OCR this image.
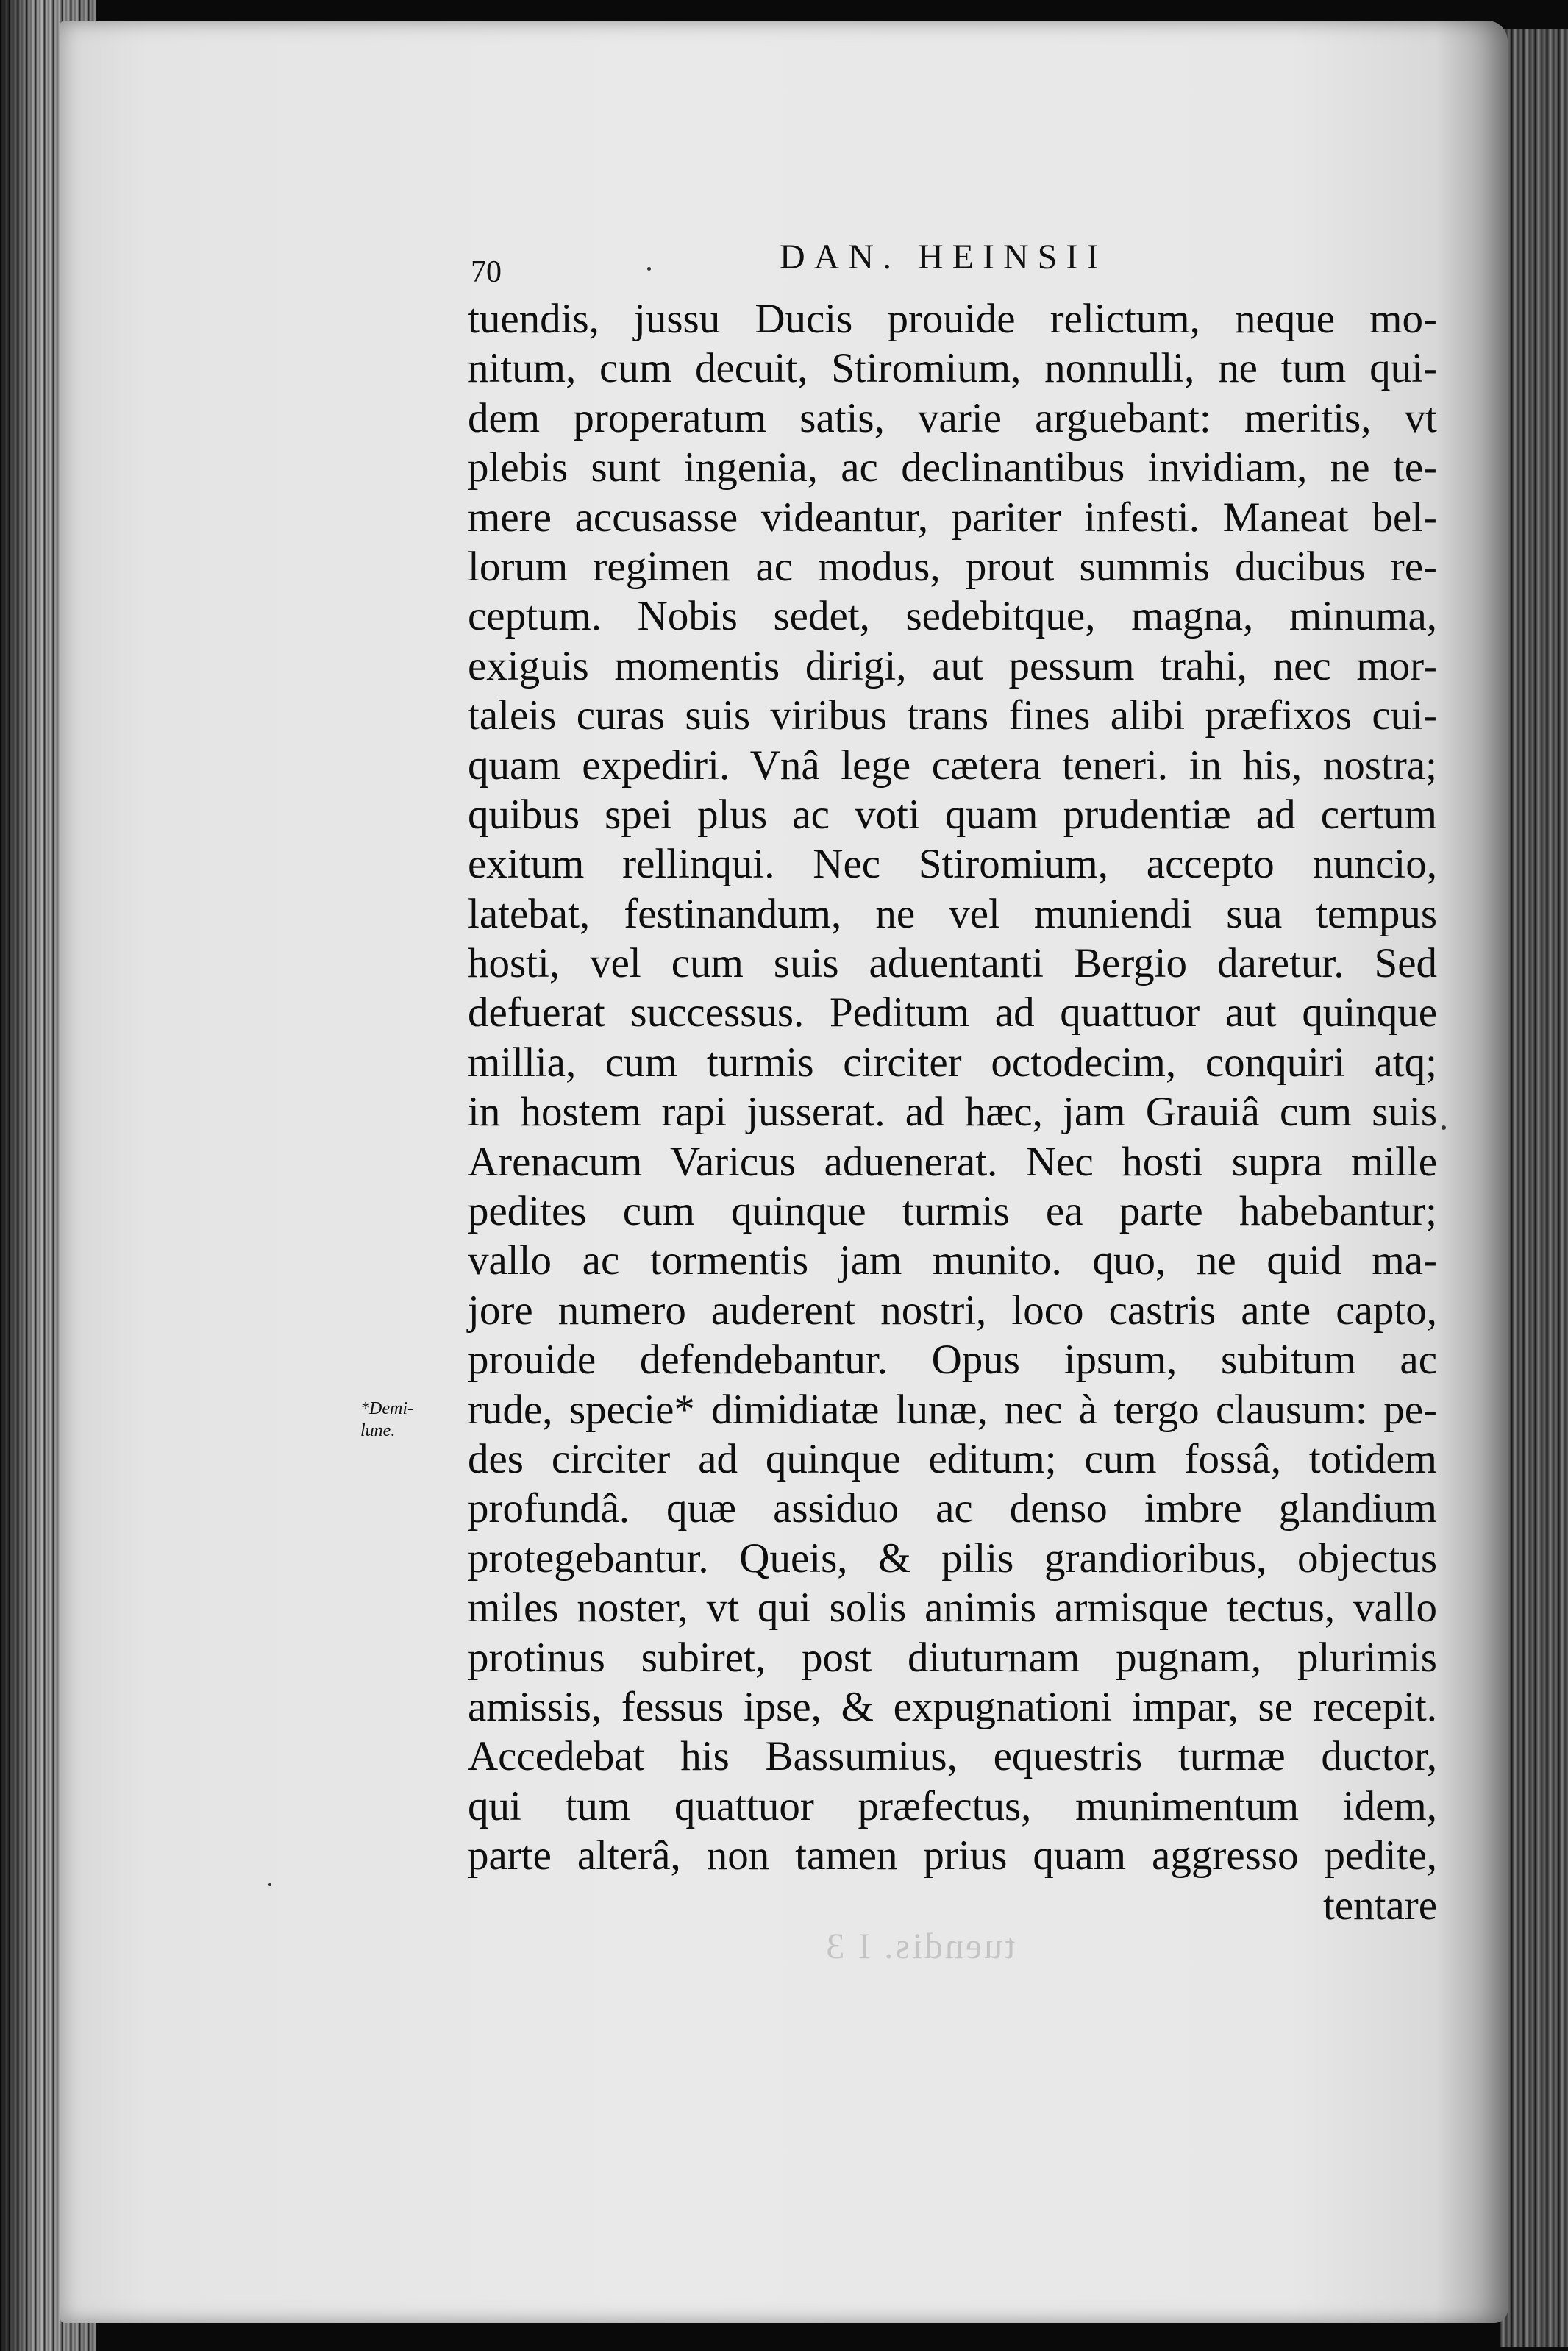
70	DAN. HEINSII
*Demi- lune.
tuendis, jussu Ducis prouide relictum, neque mo-
nitum, cum decuit, Stiromium, nonnulli, ne tum qui-
dem properatum satis, varie arguebant: meritis, vt
plebis sunt ingenia, ac declinantibus invidiam, ne te-
mere accusasse videantur, pariter infesti. Maneat bel-
lorum regimen ac modus, prout summis ducibus re-
ceptum. Nobis sedet, sedebitque, magna, minuma,
exiguis momentis dirigi, aut pessum trahi, nec mor-
taleis curas suis viribus trans fines alibi præfixos cui-
quam expediri. Vnâ lege cætera teneri. in his, nostra;
quibus spei plus ac voti quam prudentiæ ad certum
exitum rellinqui. Nec Stiromium, accepto nuncio,
latebat, festinandum, ne vel muniendi sua tempus
hosti, vel cum suis aduentanti Bergio daretur. Sed
defuerat successus. Peditum ad quattuor aut quinque
millia, cum turmis circiter octodecim, conquiri atq;
in hostem rapi jusserat. ad hæc, jam Grauiâ cum suis
Arenacum Varicus aduenerat. Nec hosti supra mille
pedites cum quinque turmis ea parte habebantur;
vallo ac tormentis jam munito. quo, ne quid ma-
jore numero auderent nostri, loco castris ante capto,
prouide defendebantur. Opus ipsum, subitum ac
rude, specie* dimidiatæ lunæ, nec à tergo clausum: pe-
des circiter ad quinque editum; cum fossâ, totidem
profundâ. quæ assiduo ac denso imbre glandium
protegebantur. Queis, & pilis grandioribus, objectus
miles noster, vt qui solis animis armisque tectus, vallo
protinus subiret, post diuturnam pugnam, plurimis
amissis, fessus ipse, & expugnationi impar, se recepit.
Accedebat his Bassumius, equestris turmæ ductor,
qui tum quattuor præfectus, munimentum idem,
parte alterâ, non tamen prius quam aggresso pedite,
tentare
tuendis. I 3
